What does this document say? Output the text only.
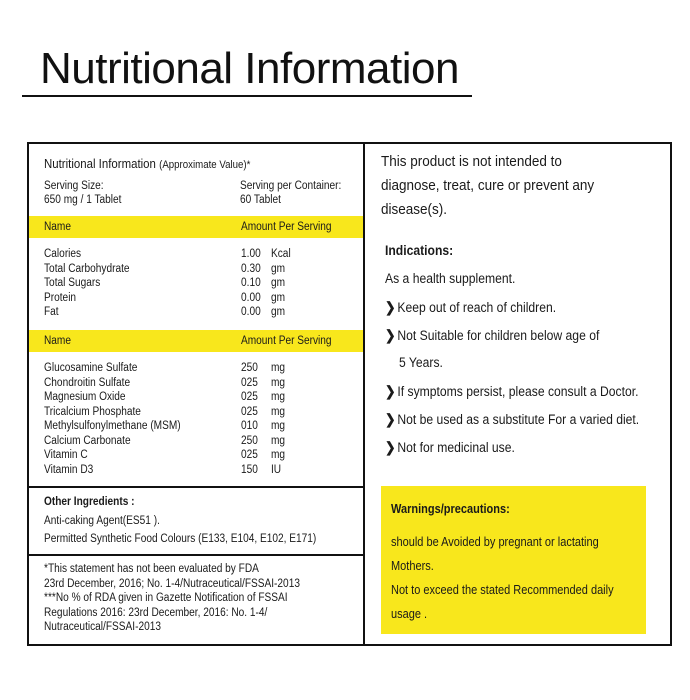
Nutritional Information
Nutritional Information (Approximate Value)*
Serving Size:
650 mg / 1 Tablet
Serving per Container:
60 Tablet
Name	Amount Per Serving
Calories	1.00 Kcal
Total Carbohydrate	0.30 gm
Total Sugars	0.10 gm
Protein	0.00 gm
Fat	0.00 gm
Name	Amount Per Serving
Glucosamine Sulfate	250 mg
Chondroitin Sulfate	025 mg
Magnesium Oxide	025 mg
Tricalcium Phosphate	025 mg
Methylsulfonylmethane (MSM)	010 mg
Calcium Carbonate	250 mg
Vitamin C	025 mg
Vitamin D3	150 IU
Other Ingredients :
Anti-caking Agent(ES51 ).
Permitted Synthetic Food Colours (E133, E104, E102, E171)
*This statement has not been evaluated by FDA
23rd December, 2016; No. 1-4/Nutraceutical/FSSAI-2013
***No % of RDA given in Gazette Notification of FSSAI
Regulations 2016: 23rd December, 2016: No. 1-4/
Nutraceutical/FSSAI-2013
This product is not intended to
diagnose, treat, cure or prevent any
disease(s).
Indications:
As a health supplement.
❯ Keep out of reach of children.
❯ Not Suitable for children below age of
5 Years.
❯ If symptoms persist, please consult a Doctor.
❯ Not be used as a substitute For a varied diet.
❯ Not for medicinal use.
Warnings/precautions:
should be Avoided by pregnant or lactating
Mothers.
Not to exceed the stated Recommended daily
usage .
